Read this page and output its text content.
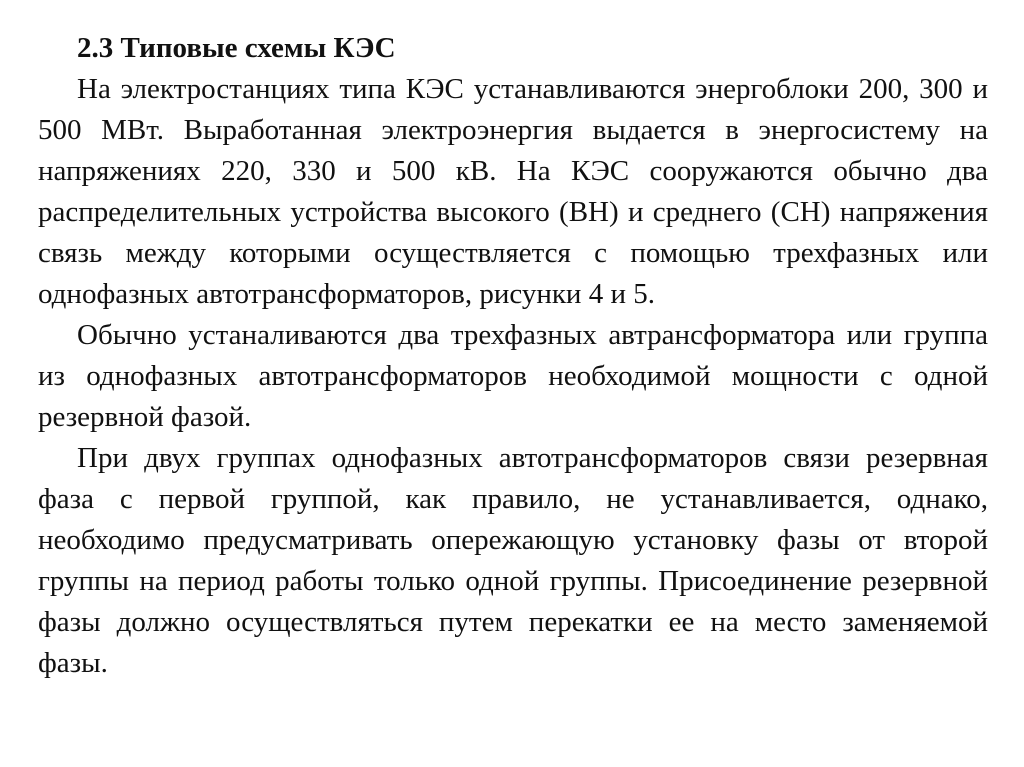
2.3 Типовые схемы КЭС

На электростанциях типа КЭС устанавливаются энергоблоки 200, 300 и 500 МВт. Выработанная электроэнергия выдается в энергосистему на напряжениях 220, 330 и 500 кВ. На КЭС сооружаются обычно два распределительных устройства высокого (ВН) и среднего (СН) напряжения связь между которыми осуществляется с помощью трехфазных или однофазных автотрансформаторов, рисунки 4 и 5.

Обычно устаналиваются два трехфазных автрансформатора или группа из однофазных автотрансформаторов необходимой мощности с одной резервной фазой.

При двух группах однофазных автотрансформаторов связи резервная фаза с первой группой, как правило, не устанавливается, однако, необходимо предусматривать опережающую установку фазы от второй группы на период работы только одной группы. Присоединение резервной фазы должно осуществляться путем перекатки ее на место заменяемой фазы.
